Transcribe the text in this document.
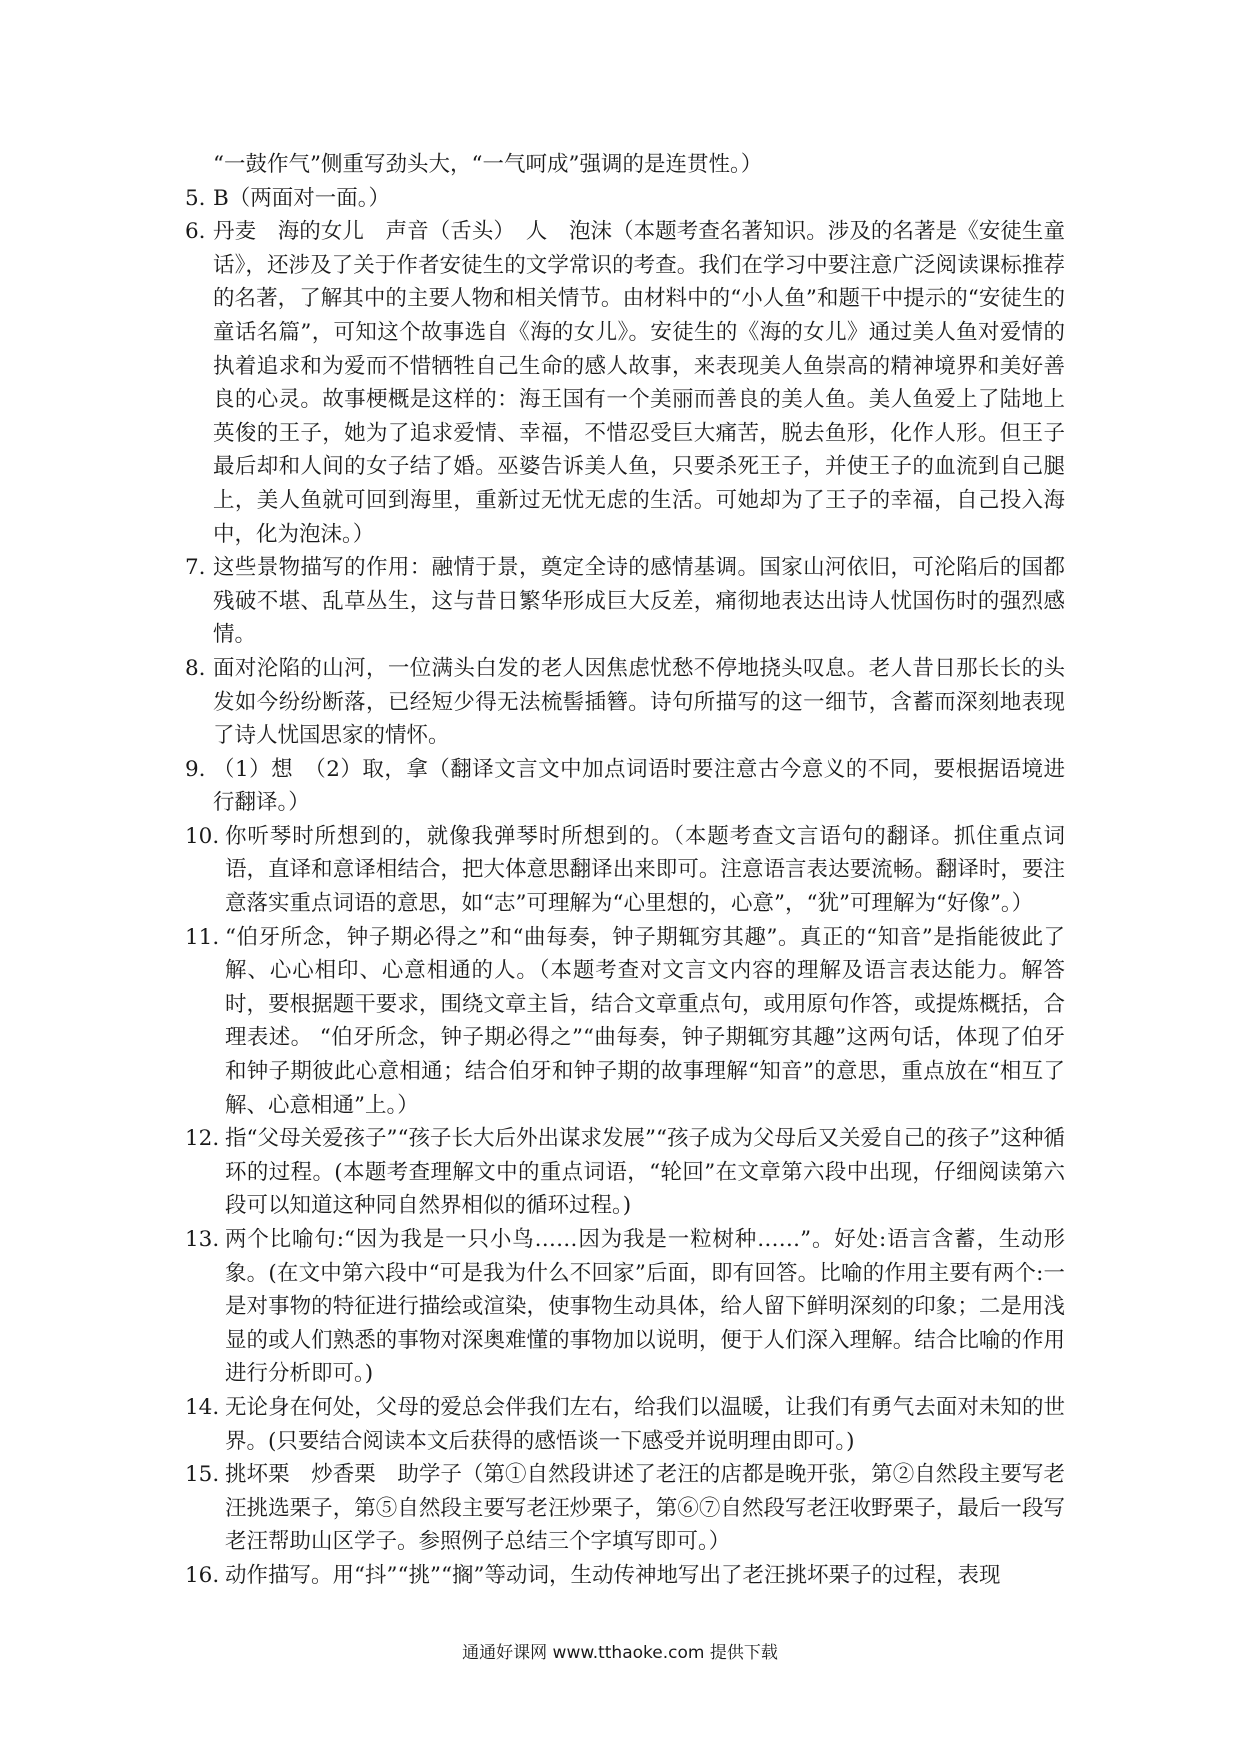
“一鼓作气”侧重写劲头大，“一气呵成”强调的是连贯性。）
5. B（两面对一面。）
6. 丹麦　海的女儿　声音（舌头）　人　泡沫（本题考查名著知识。涉及的名著是《安徒生童话》，还涉及了关于作者安徒生的文学常识的考查。我们在学习中要注意广泛阅读课标推荐的名著，了解其中的主要人物和相关情节。由材料中的“小人鱼”和题干中提示的“安徒生的童话名篇”，可知这个故事选自《海的女儿》。安徒生的《海的女儿》通过美人鱼对爱情的执着追求和为爱而不惜牺牲自己生命的感人故事，来表现美人鱼崇高的精神境界和美好善良的心灵。故事梗概是这样的：海王国有一个美丽而善良的美人鱼。美人鱼爱上了陆地上英俊的王子，她为了追求爱情、幸福，不惜忍受巨大痛苦，脱去鱼形，化作人形。但王子最后却和人间的女子结了婚。巫婆告诉美人鱼，只要杀死王子，并使王子的血流到自己腿上，美人鱼就可回到海里，重新过无忧无虑的生活。可她却为了王子的幸福，自己投入海中，化为泡沫。）
7. 这些景物描写的作用：融情于景，奠定全诗的感情基调。国家山河依旧，可沦陷后的国都残破不堪、乱草丛生，这与昔日繁华形成巨大反差，痛彻地表达出诗人忧国伤时的强烈感情。
8. 面对沦陷的山河，一位满头白发的老人因焦虑忧愁不停地挠头叹息。老人昔日那长长的头发如今纷纷断落，已经短少得无法梳髻插簪。诗句所描写的这一细节，含蓄而深刻地表现了诗人忧国思家的情怀。
9. （1）想　（2）取，拿（翻译文言文中加点词语时要注意古今意义的不同，要根据语境进行翻译。）
10. 你听琴时所想到的，就像我弹琴时所想到的。（本题考查文言语句的翻译。抓住重点词语，直译和意译相结合，把大体意思翻译出来即可。注意语言表达要流畅。翻译时，要注意落实重点词语的意思，如“志”可理解为“心里想的，心意”，“犹”可理解为“好像”。）
11. “伯牙所念，钟子期必得之”和“曲每奏，钟子期辄穷其趣”。真正的“知音”是指能彼此了解、心心相印、心意相通的人。（本题考查对文言文内容的理解及语言表达能力。解答时，要根据题干要求，围绕文章主旨，结合文章重点句，或用原句作答，或提炼概括，合理表述。 “伯牙所念，钟子期必得之”“曲每奏，钟子期辄穷其趣”这两句话，体现了伯牙和钟子期彼此心意相通；结合伯牙和钟子期的故事理解“知音”的意思，重点放在“相互了解、心意相通”上。）
12. 指“父母关爱孩子”“孩子长大后外出谋求发展”“孩子成为父母后又关爱自己的孩子”这种循环的过程。(本题考查理解文中的重点词语，“轮回”在文章第六段中出现，仔细阅读第六段可以知道这种同自然界相似的循环过程。)
13. 两个比喻句:“因为我是一只小鸟……因为我是一粒树种……”。好处:语言含蓄，生动形象。(在文中第六段中“可是我为什么不回家”后面，即有回答。比喻的作用主要有两个:一是对事物的特征进行描绘或渲染，使事物生动具体，给人留下鲜明深刻的印象；二是用浅显的或人们熟悉的事物对深奥难懂的事物加以说明，便于人们深入理解。结合比喻的作用进行分析即可。)
14. 无论身在何处，父母的爱总会伴我们左右，给我们以温暖，让我们有勇气去面对未知的世界。(只要结合阅读本文后获得的感悟谈一下感受并说明理由即可。)
15. 挑坏栗　炒香栗　助学子（第①自然段讲述了老汪的店都是晚开张，第②自然段主要写老汪挑选栗子，第⑤自然段主要写老汪炒栗子，第⑥⑦自然段写老汪收野栗子，最后一段写老汪帮助山区学子。参照例子总结三个字填写即可。）
16. 动作描写。用“抖”“挑”“搁”等动词，生动传神地写出了老汪挑坏栗子的过程，表现
通通好课网 www.tthaoke.com 提供下载
